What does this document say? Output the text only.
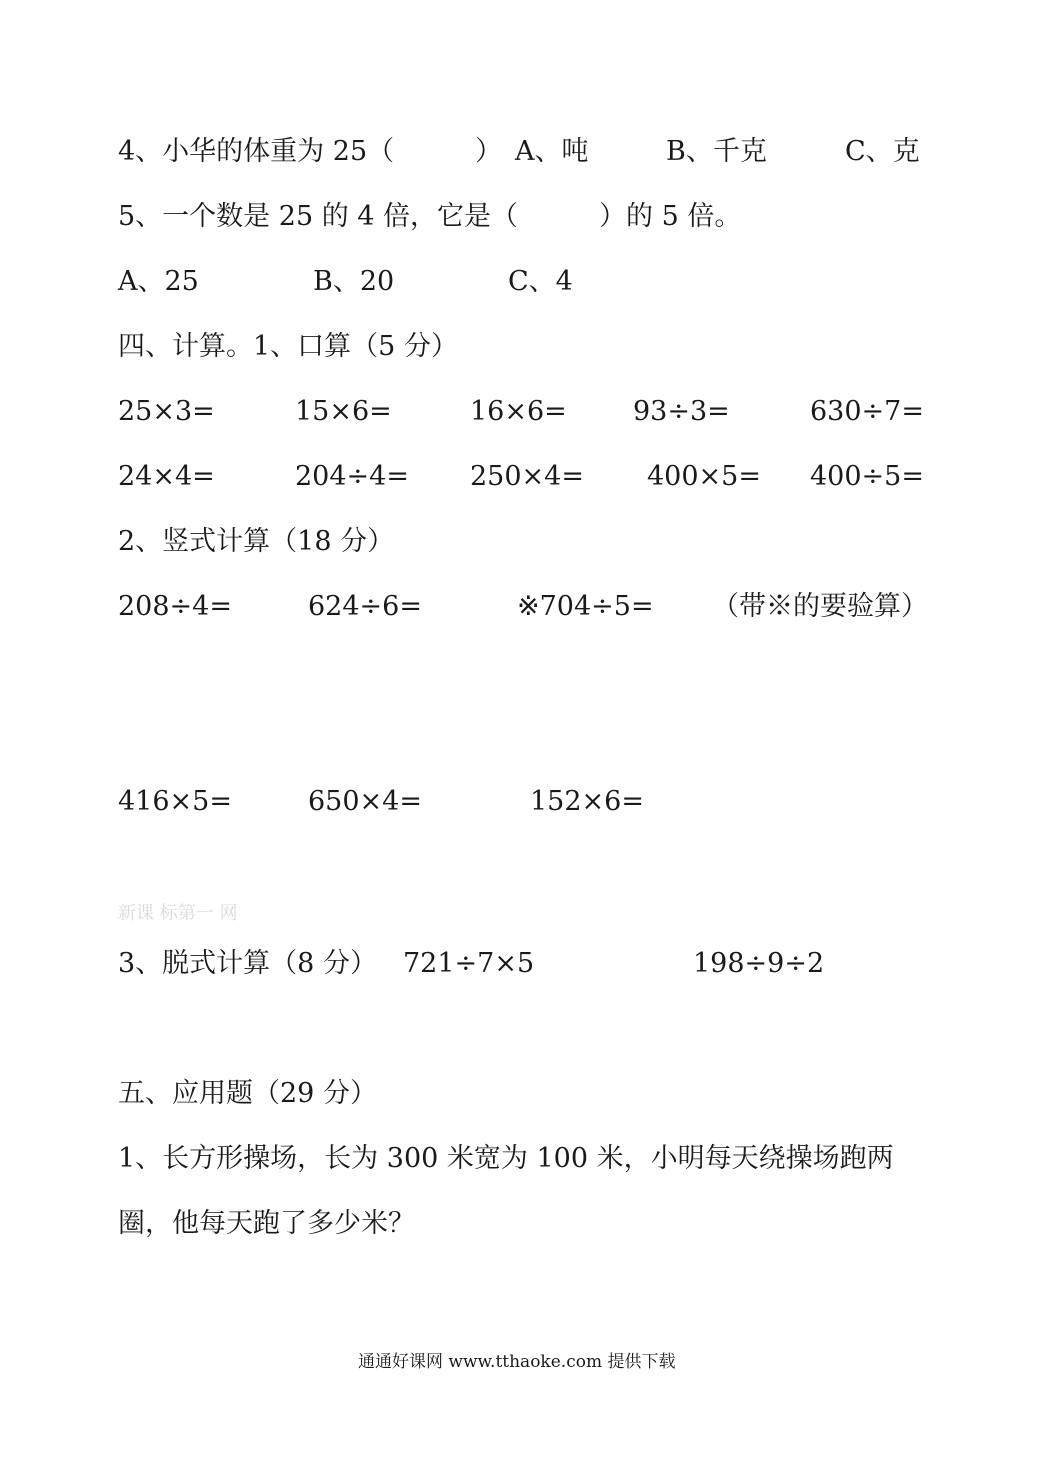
4、小华的体重为 25（　　　） A、吨	B、千克	C、克
5、一个数是 25 的 4 倍，它是（　　　）的 5 倍。
A、25	B、20	C、4
四、计算。1、口算（5 分）
25×3=	15×6=	16×6= 93÷3=	630÷7=
24×4=	204÷4= 250×4= 400×5= 400÷5=
2、竖式计算（18 分）
208÷4=	624÷6=	※704÷5= （带※的要验算）
416×5=	650×4=	152×6=
新课 标第一 网
3、脱式计算（8 分） 721÷7×5	198÷9÷2
五、应用题（29 分）
1、长方形操场，长为 300 米宽为 100 米，小明每天绕操场跑两
圈，他每天跑了多少米？
通通好课网 www.tthaoke.com 提供下载
